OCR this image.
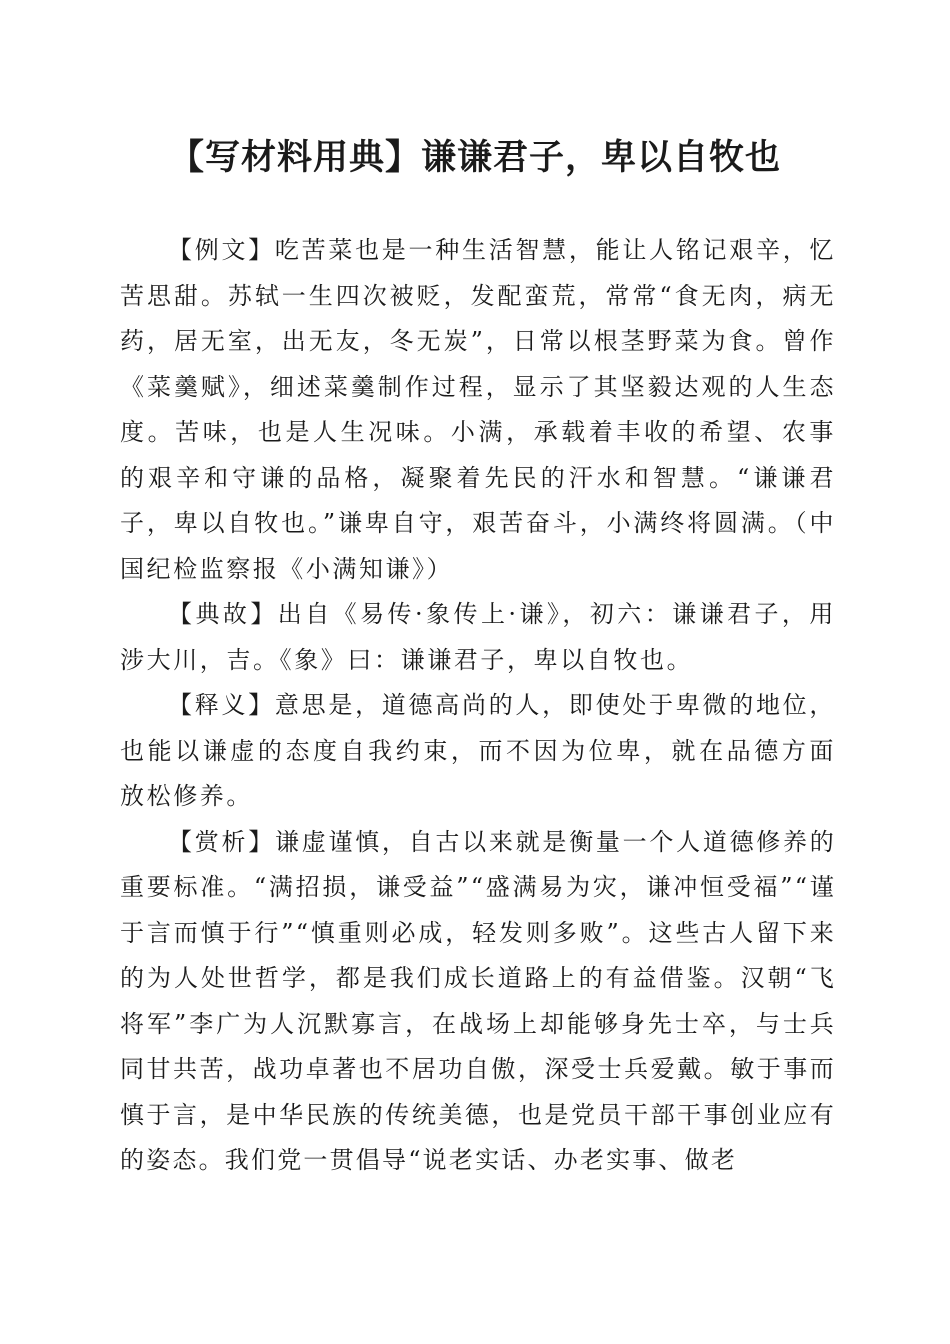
【写材料用典】谦谦君子，卑以自牧也

【例文】吃苦菜也是一种生活智慧，能让人铭记艰辛，忆苦思甜。苏轼一生四次被贬，发配蛮荒，常常“食无肉，病无药，居无室，出无友，冬无炭”，日常以根茎野菜为食。曾作《菜羹赋》，细述菜羹制作过程，显示了其坚毅达观的人生态度。苦味，也是人生况味。小满，承载着丰收的希望、农事的艰辛和守谦的品格，凝聚着先民的汗水和智慧。“谦谦君子，卑以自牧也。”谦卑自守，艰苦奋斗，小满终将圆满。（中国纪检监察报《小满知谦》）

【典故】出自《易传·象传上·谦》，初六：谦谦君子，用涉大川，吉。《象》曰：谦谦君子，卑以自牧也。

【释义】意思是，道德高尚的人，即使处于卑微的地位，也能以谦虚的态度自我约束，而不因为位卑，就在品德方面放松修养。

【赏析】谦虚谨慎，自古以来就是衡量一个人道德修养的重要标准。“满招损，谦受益”“盛满易为灾，谦冲恒受福”“谨于言而慎于行”“慎重则必成，轻发则多败”。这些古人留下来的为人处世哲学，都是我们成长道路上的有益借鉴。汉朝“飞将军”李广为人沉默寡言，在战场上却能够身先士卒，与士兵同甘共苦，战功卓著也不居功自傲，深受士兵爱戴。敏于事而慎于言，是中华民族的传统美德，也是党员干部干事创业应有的姿态。我们党一贯倡导“说老实话、办老实事、做老
